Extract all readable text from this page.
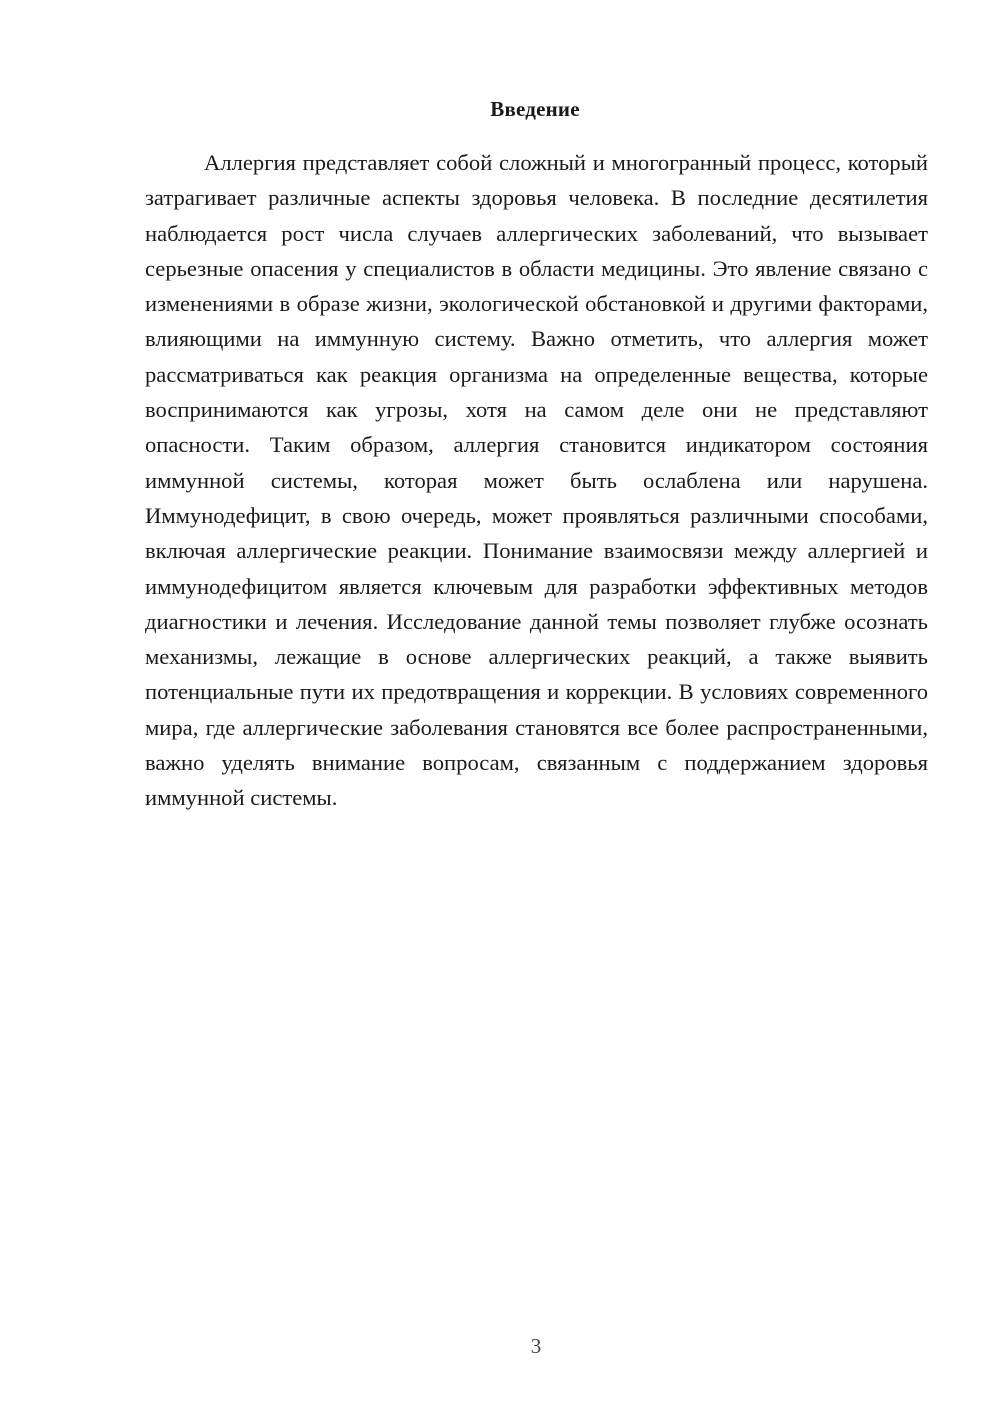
Введение

Аллергия представляет собой сложный и многогранный процесс, который затрагивает различные аспекты здоровья человека. В последние десятилетия наблюдается рост числа случаев аллергических заболеваний, что вызывает серьезные опасения у специалистов в области медицины. Это явление связано с изменениями в образе жизни, экологической обстановкой и другими факторами, влияющими на иммунную систему. Важно отметить, что аллергия может рассматриваться как реакция организма на определенные вещества, которые воспринимаются как угрозы, хотя на самом деле они не представляют опасности. Таким образом, аллергия становится индикатором состояния иммунной системы, которая может быть ослаблена или нарушена. Иммунодефицит, в свою очередь, может проявляться различными способами, включая аллергические реакции. Понимание взаимосвязи между аллергией и иммунодефицитом является ключевым для разработки эффективных методов диагностики и лечения. Исследование данной темы позволяет глубже осознать механизмы, лежащие в основе аллергических реакций, а также выявить потенциальные пути их предотвращения и коррекции. В условиях современного мира, где аллергические заболевания становятся все более распространенными, важно уделять внимание вопросам, связанным с поддержанием здоровья иммунной системы.

3
